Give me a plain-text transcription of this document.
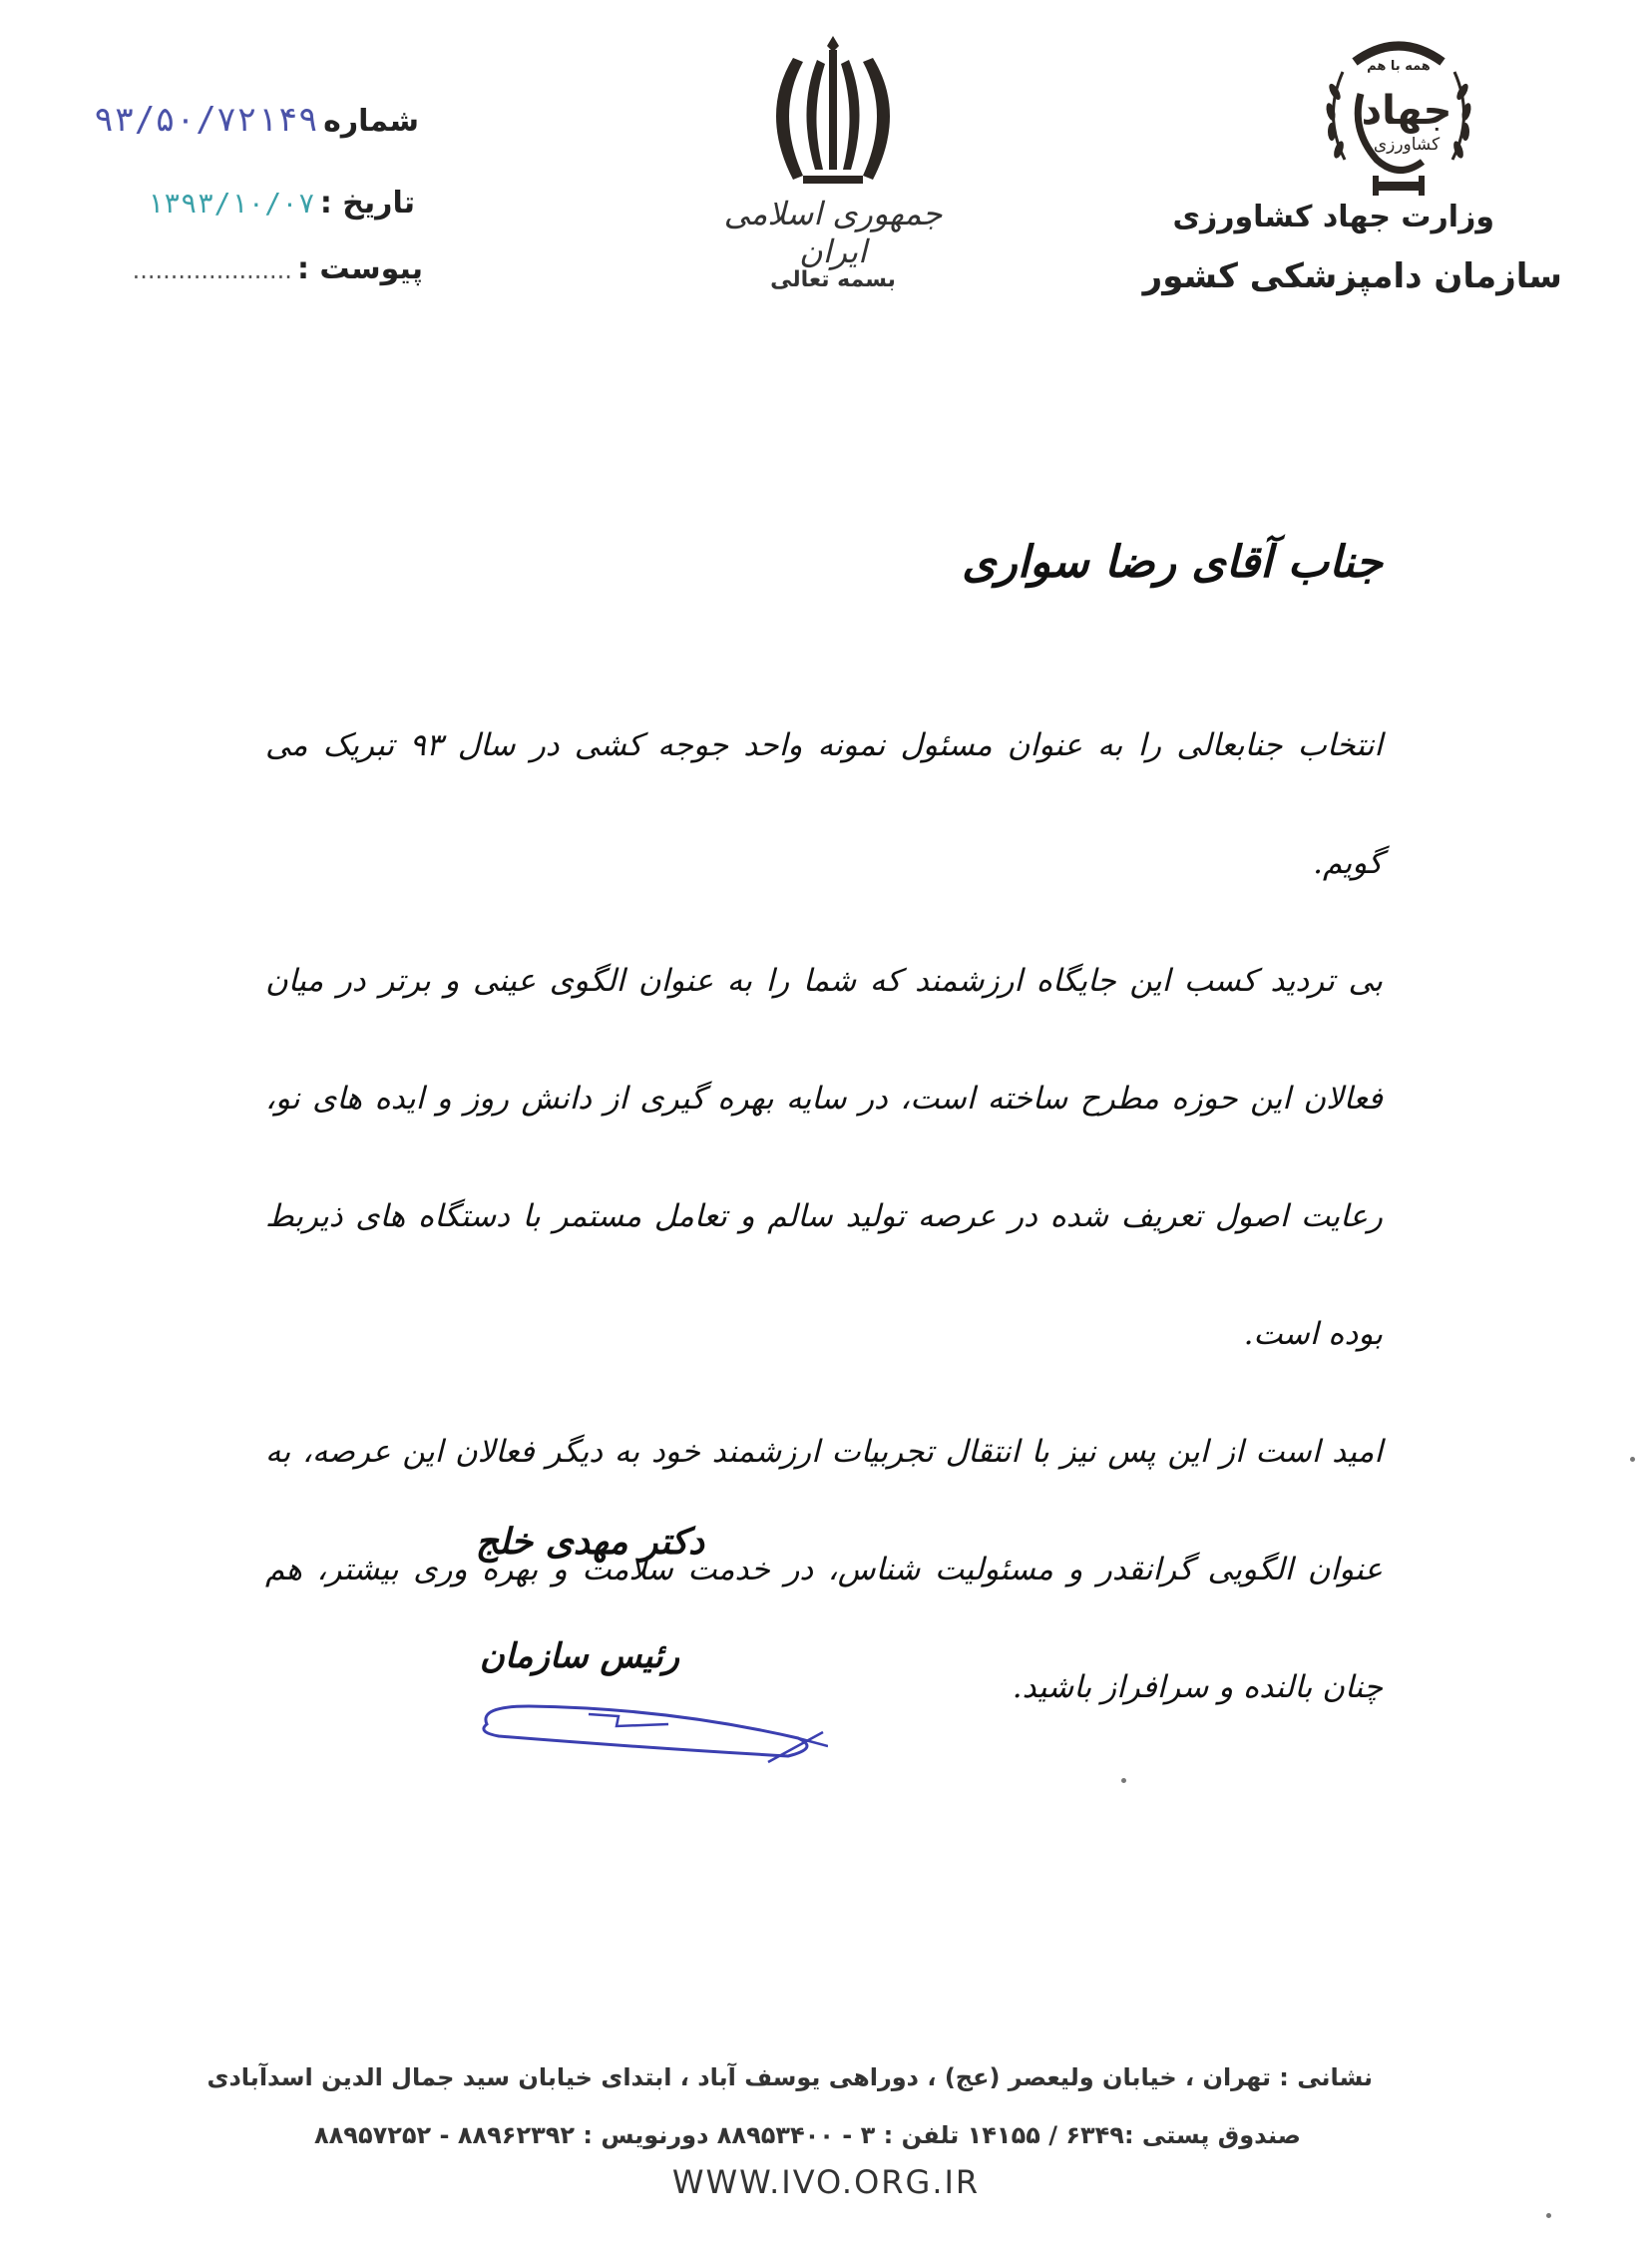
همه با هم
جهاد
کشاورزی
وزارت جهاد کشاورزی
سازمان دامپزشکی کشور
جمهوری اسلامی ایران
بسمه تعالی
شماره ۹۳/۵۰/۷۲۱۴۹
تاریخ : ۱۳۹۳/۱۰/۰۷
پیوست : .....................
جناب آقای رضا سواری

انتخاب جنابعالی را به عنوان مسئول نمونه واحد جوجه کشی در سال ۹۳ تبریک می گویم.

بی تردید کسب این جایگاه ارزشمند که شما را به عنوان الگوی عینی و برتر در میان فعالان این حوزه مطرح ساخته است، در سایه بهره گیری از دانش روز و ایده های نو، رعایت اصول تعریف شده در عرصه تولید سالم و تعامل مستمر با دستگاه های ذیربط بوده است.

امید است از این پس نیز با انتقال تجربیات ارزشمند خود به دیگر فعالان این عرصه، به عنوان الگویی گرانقدر و مسئولیت شناس، در خدمت سلامت و بهره وری بیشتر، هم چنان بالنده و سرافراز باشید.

دکتر مهدی خلج
رئیس سازمان
نشانی : تهران ، خیابان ولیعصر (عج) ، دوراهی یوسف آباد ، ابتدای خیابان سید جمال الدین اسدآبادی
صندوق پستی :۶۳۴۹ / ۱۴۱۵۵ تلفن : ۳ - ۸۸۹۵۳۴۰۰ دورنویس : ۸۸۹۶۲۳۹۲ - ۸۸۹۵۷۲۵۲
WWW.IVO.ORG.IR
